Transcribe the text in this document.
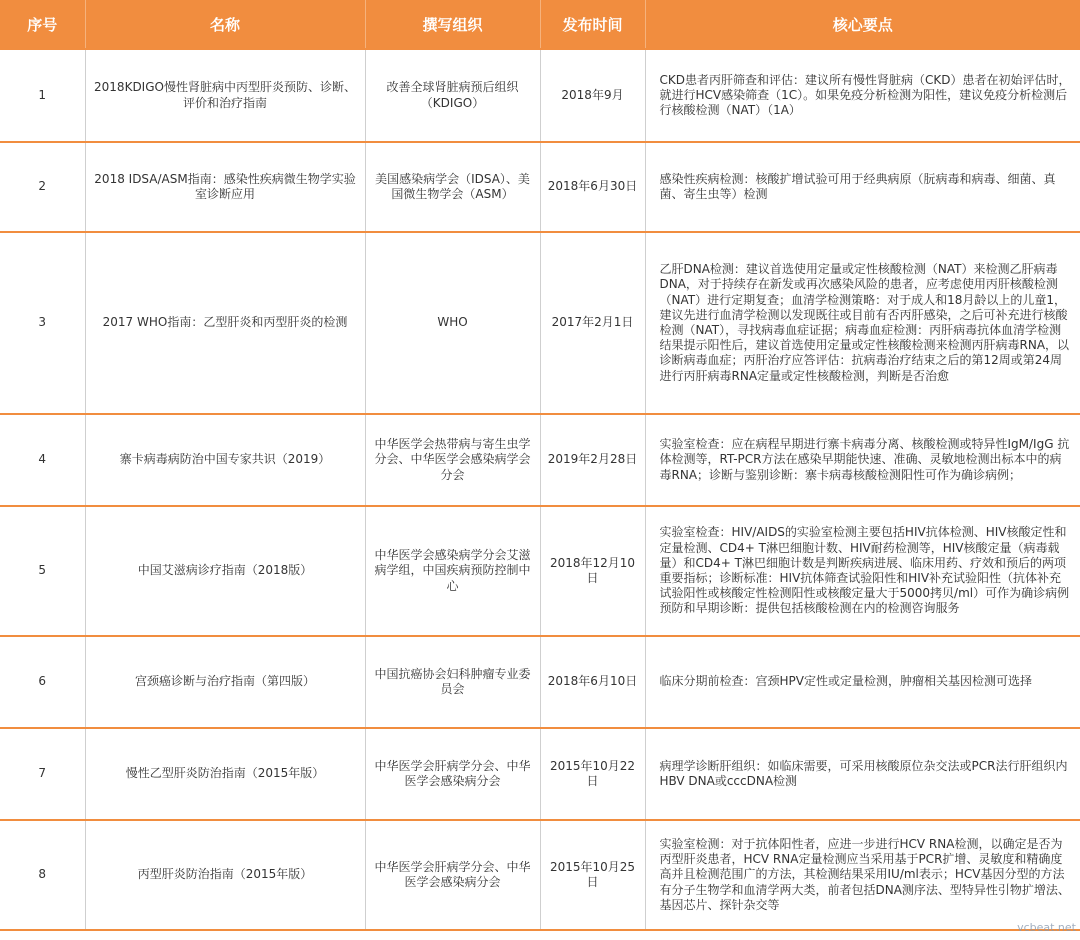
序号	名称	撰写组织	发布时间	核心要点
1	2018KDIGO慢性肾脏病中丙型肝炎预防、诊断、评价和治疗指南	改善全球肾脏病预后组织（KDIGO）	2018年9月	CKD患者丙肝筛查和评估：建议所有慢性肾脏病（CKD）患者在初始评估时，就进行HCV感染筛查（1C）。如果免疫分析检测为阳性，建议免疫分析检测后行核酸检测（NAT）（1A）
2	2018 IDSA/ASM指南：感染性疾病微生物学实验室诊断应用	美国感染病学会（IDSA）、美国微生物学会（ASM）	2018年6月30日	感染性疾病检测：核酸扩增试验可用于经典病原（朊病毒和病毒、细菌、真菌、寄生虫等）检测
3	2017 WHO指南：乙型肝炎和丙型肝炎的检测	WHO	2017年2月1日	乙肝DNA检测：建议首选使用定量或定性核酸检测（NAT）来检测乙肝病毒DNA，对于持续存在新发或再次感染风险的患者，应考虑使用丙肝核酸检测（NAT）进行定期复查；血清学检测策略：对于成人和18月龄以上的儿童1，建议先进行血清学检测以发现既往或目前有否丙肝感染，之后可补充进行核酸检测（NAT），寻找病毒血症证据；病毒血症检测：丙肝病毒抗体血清学检测结果提示阳性后，建议首选使用定量或定性核酸检测来检测丙肝病毒RNA，以诊断病毒血症；丙肝治疗应答评估：抗病毒治疗结束之后的第12周或第24周进行丙肝病毒RNA定量或定性核酸检测，判断是否治愈
4	寨卡病毒病防治中国专家共识（2019）	中华医学会热带病与寄生虫学分会、中华医学会感染病学会分会	2019年2月28日	实验室检查：应在病程早期进行寨卡病毒分离、核酸检测或特异性IgM/IgG 抗体检测等，RT-PCR方法在感染早期能快速、准确、灵敏地检测出标本中的病毒RNA；诊断与鉴别诊断：寨卡病毒核酸检测阳性可作为确诊病例；
5	中国艾滋病诊疗指南（2018版）	中华医学会感染病学分会艾滋病学组，中国疾病预防控制中心	2018年12月10日	实验室检查：HIV/AIDS的实验室检测主要包括HIV抗体检测、HIV核酸定性和定量检测、CD4+ T淋巴细胞计数、HIV耐药检测等，HIV核酸定量（病毒载量）和CD4+ T淋巴细胞计数是判断疾病进展、临床用药、疗效和预后的两项重要指标；诊断标准：HIV抗体筛查试验阳性和HIV补充试验阳性（抗体补充试验阳性或核酸定性检测阳性或核酸定量大于5000拷贝/ml）可作为确诊病例预防和早期诊断：提供包括核酸检测在内的检测咨询服务
6	宫颈癌诊断与治疗指南（第四版）	中国抗癌协会妇科肿瘤专业委员会	2018年6月10日	临床分期前检查：宫颈HPV定性或定量检测，肿瘤相关基因检测可选择
7	慢性乙型肝炎防治指南（2015年版）	中华医学会肝病学分会、中华医学会感染病分会	2015年10月22日	病理学诊断肝组织：如临床需要，可采用核酸原位杂交法或PCR法行肝组织内HBV DNA或cccDNA检测
8	丙型肝炎防治指南（2015年版）	中华医学会肝病学分会、中华医学会感染病分会	2015年10月25日	实验室检测：对于抗体阳性者，应进一步进行HCV RNA检测，以确定是否为丙型肝炎患者，HCV RNA定量检测应当采用基于PCR扩增、灵敏度和精确度高并且检测范围广的方法，其检测结果采用IU/ml表示；HCV基因分型的方法有分子生物学和血清学两大类，前者包括DNA测序法、型特异性引物扩增法、基因芯片、探针杂交等
vcbeat.net
